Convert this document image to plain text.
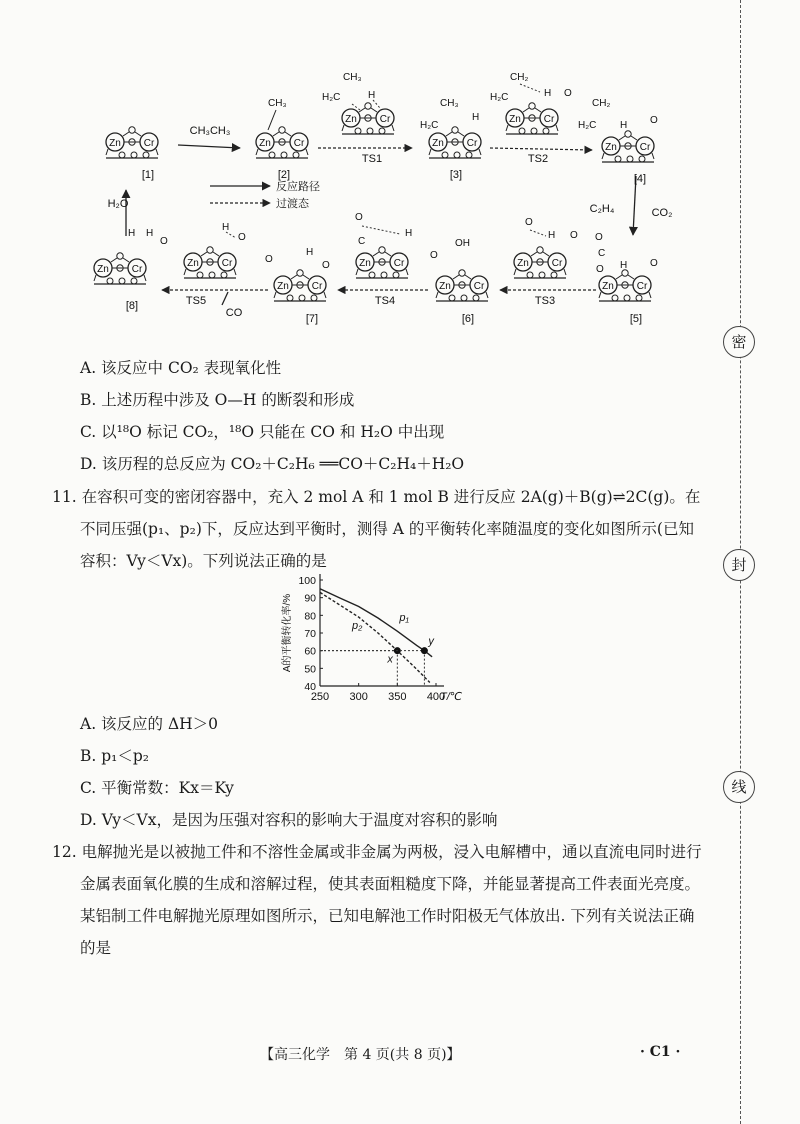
Zn Cr	Zn Cr
Zn Cr
Zn Cr
Zn Cr
Zn Cr
Zn Cr
Zn Cr
Zn Cr
Zn Cr
Zn Cr
Zn Cr
Zn Cr
CH₃
CH₃
H₂C	H
CH₃
H₂C
H
CH₂
H₂C	H O
CH₂
H₂C H O
O
C
O H O
O
H O
OH
O
O
C
H
O
H
O
H
O
H
H
O
[1]	[2]
TS1
[3]
TS2
[4]
[5]
TS3
[6]
TS4
[7]
TS5
[8]
CH₃CH₃
C₂H₄	CO₂
CO
H₂O
反应路径
过渡态
A. 该反应中 CO₂ 表现氧化性
B. 上述历程中涉及 O—H 的断裂和形成
C. 以¹⁸O 标记 CO₂，¹⁸O 只能在 CO 和 H₂O 中出现
D. 该历程的总反应为 CO₂＋C₂H₆ ══CO＋C₂H₄＋H₂O
11. 在容积可变的密闭容器中，充入 2 mol A 和 1 mol B 进行反应 2A(g)＋B(g)⇌2C(g)。在
不同压强(p₁、p₂)下，反应达到平衡时，测得 A 的平衡转化率随温度的变化如图所示(已知
容积：Vy＜Vx)。下列说法正确的是
250 300 350 400
40
50
60
70
80
90
100
T/℃
A的平衡转化率/%	p₁
p₂
x
y
A. 该反应的 ΔH＞0
B. p₁＜p₂
C. 平衡常数：Kx＝Ky
D. Vy＜Vx，是因为压强对容积的影响大于温度对容积的影响
12. 电解抛光是以被抛工件和不溶性金属或非金属为两极，浸入电解槽中，通以直流电同时进行
金属表面氧化膜的生成和溶解过程，使其表面粗糙度下降，并能显著提高工件表面光亮度。
某铝制工件电解抛光原理如图所示，已知电解池工作时阳极无气体放出. 下列有关说法正确
的是
【高三化学　第 4 页(共 8 页)】	· C1 ·
密
封
线
